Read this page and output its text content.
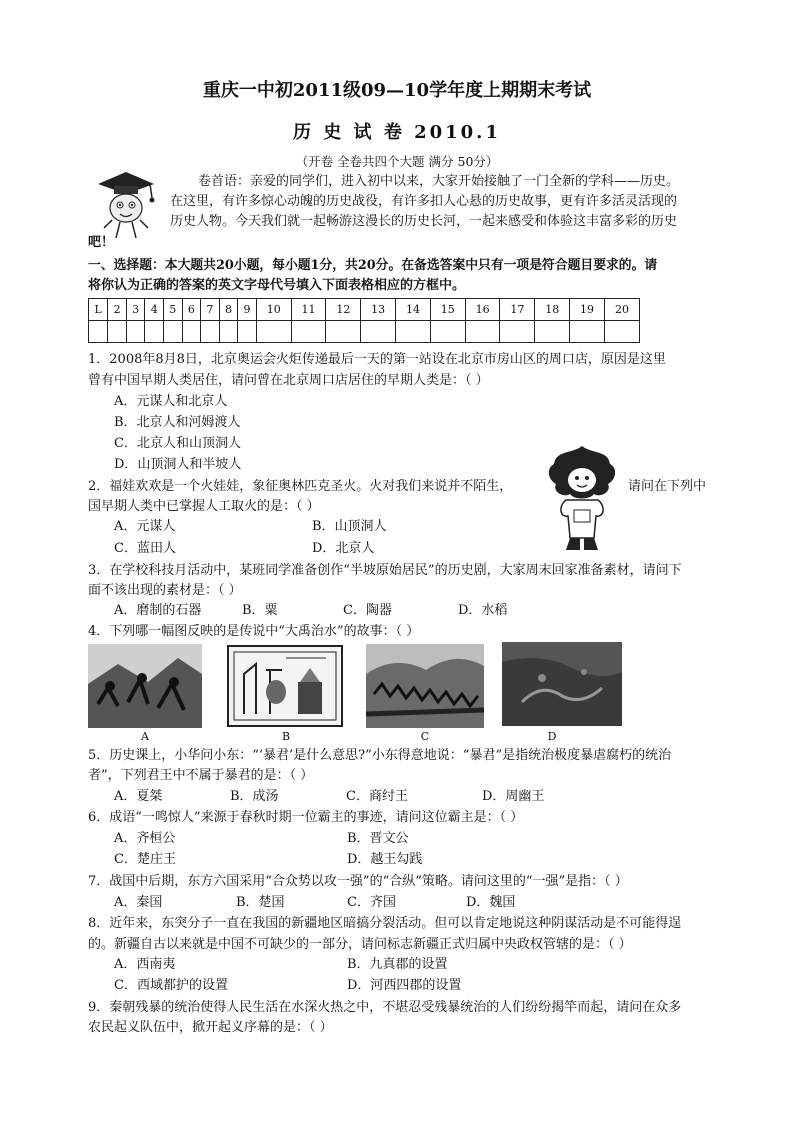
重庆一中初2011级09—10学年度上期期末考试
历 史 试 卷 2010.1
（开卷 全卷共四个大题 满分 50分）
卷首语：亲爱的同学们，进入初中以来，大家开始接触了一门全新的学科——历史。
在这里，有许多惊心动魄的历史战役，有许多扣人心悬的历史故事，更有许多活灵活现的
历史人物。今天我们就一起畅游这漫长的历史长河，一起来感受和体验这丰富多彩的历史
吧！
一、选择题：本大题共20小题，每小题1分，共20分。在备选答案中只有一项是符合题目要求的。请
将你认为正确的答案的英文字母代号填入下面表格相应的方框中。
L	2	3	4	5	6	7	8	9	10	11	12	13	14	15	16	17	18	19	20

1．2008年8月8日，北京奥运会火炬传递最后一天的第一站设在北京市房山区的周口店，原因是这里
曾有中国早期人类居住，请问曾在北京周口店居住的早期人类是：（ ）
A．元谋人和北京人
B．北京人和河姆渡人
C．北京人和山顶洞人
D．山顶洞人和半坡人
2．福娃欢欢是一个火娃娃，象征奥林匹克圣火。火对我们来说并不陌生，	请问在下列中
国早期人类中已掌握人工取火的是：（ ）
A．元谋人	B．山顶洞人
C．蓝田人	D．北京人
3．在学校科技月活动中，某班同学准备创作“半坡原始居民”的历史剧，大家周末回家准备素材，请问下
面不该出现的素材是：（ ）
A．磨制的石器	B．粟	C．陶器	D．水稻
4．下列哪一幅图反映的是传说中“大禹治水”的故事：（ ）
A	B	C	D
5．历史课上，小华问小东：“‘暴君’是什么意思?”小东得意地说：“暴君”是指统治极度暴虐腐朽的统治
者”，下列君王中不属于暴君的是：（ ）
A．夏桀	B．成汤	C．商纣王	D．周幽王
6．成语“一鸣惊人”来源于春秋时期一位霸主的事迹，请问这位霸主是：（ ）
A．齐桓公	B．晋文公
C．楚庄王	D．越王勾践
7．战国中后期，东方六国采用“合众势以攻一强”的“合纵”策略。请问这里的“一强”是指：（ ）
A．秦国	B．楚国	C．齐国	D．魏国
8．近年来，东突分子一直在我国的新疆地区暗搞分裂活动。但可以肯定地说这种阴谋活动是不可能得逞
的。新疆自古以来就是中国不可缺少的一部分，请问标志新疆正式归属中央政权管辖的是：（ ）
A．西南夷	B．九真郡的设置
C．西域都护的设置	D．河西四郡的设置
9．秦朝残暴的统治使得人民生活在水深火热之中，不堪忍受残暴统治的人们纷纷揭竿而起，请问在众多
农民起义队伍中，掀开起义序幕的是：（ ）
